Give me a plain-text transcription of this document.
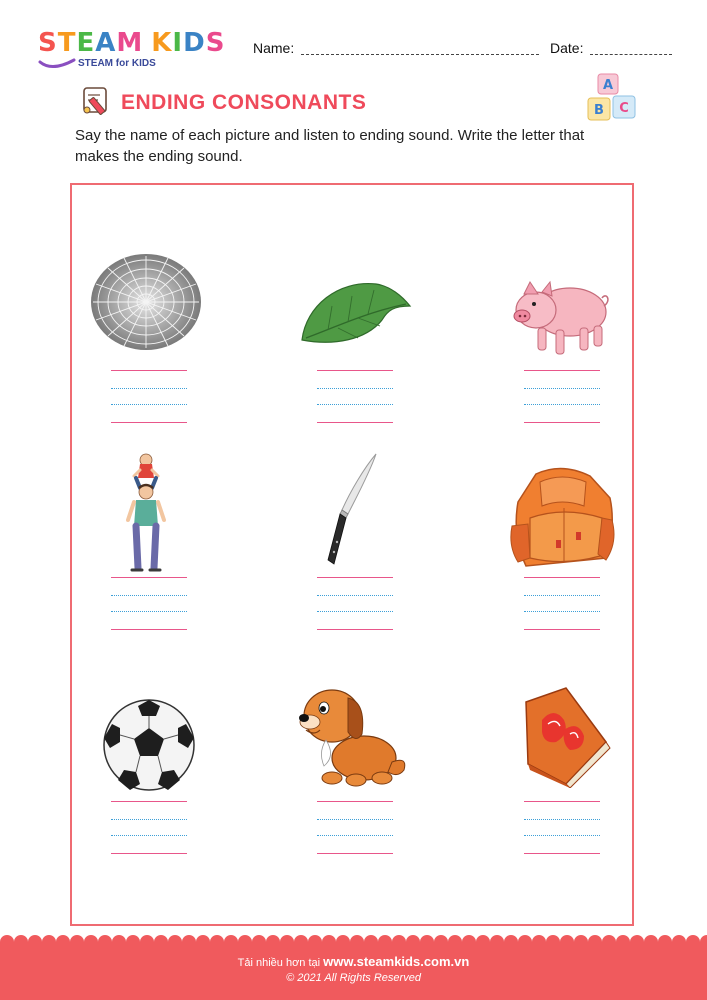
STEAM KIDS
STEAM for KIDS
Name:	Date:
ENDING CONSONANTS
A
B C
Say the name of each picture and listen to ending sound. Write the letter that makes the ending sound.
Tải nhiều hơn tại www.steamkids.com.vn
© 2021 All Rights Reserved
